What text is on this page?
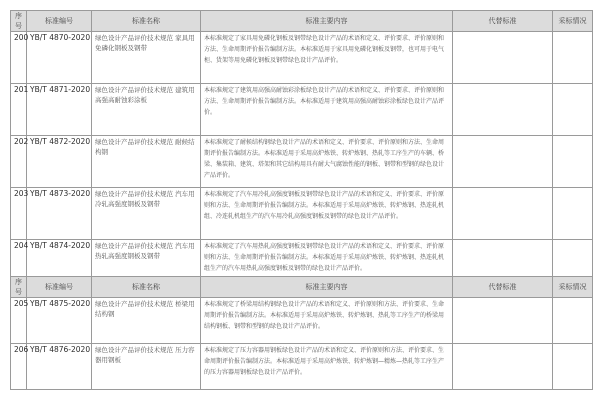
序号	标准编号	标准名称	标准主要内容	代替标准	采标情况
200	YB/T 4870-2020	绿色设计产品评价技术规范 家具用免磷化钢板及钢带	本标准规定了家具用免磷化钢板及钢带绿色设计产品的术语和定义、评价要求、评价原则和方法、生命周期评价报告编制方法。本标准适用于家具用免磷化钢板及钢带，也可用于电气柜、货架等用免磷化钢板及钢带绿色设计产品评价。		
201	YB/T 4871-2020	绿色设计产品评价技术规范 建筑用高强高耐蚀彩涂板	本标准规定了建筑用高强高耐蚀彩涂板绿色设计产品的术语和定义、评价要求、评价原则和方法、生命周期评价报告编制方法。本标准适用于建筑用高强高耐蚀彩涂板绿色设计产品评价。		
202	YB/T 4872-2020	绿色设计产品评价技术规范 耐候结构钢	本标准规定了耐候结构钢绿色设计产品的术语和定义、评价要求、评价原则和方法、生命周期评价报告编制方法。本标准适用于采用高炉炼铁、转炉炼钢、热轧等工序生产的车辆、桥梁、集装箱、建筑、塔架和其它结构用具有耐大气腐蚀性能的钢板、钢带和型钢的绿色设计产品评价。		
203	YB/T 4873-2020	绿色设计产品评价技术规范 汽车用冷轧高强度钢板及钢带	本标准规定了汽车用冷轧高强度钢板及钢带绿色设计产品的术语和定义、评价要求、评价原则和方法、生命周期评价报告编制方法。本标准适用于采用高炉炼铁、转炉炼钢、热连轧机组、冷连轧机组生产的汽车用冷轧高强度钢板及钢带的绿色设计产品评价。		
204	YB/T 4874-2020	绿色设计产品评价技术规范 汽车用热轧高强度钢板及钢带	本标准规定了汽车用热轧高强度钢板及钢带绿色设计产品的术语和定义、评价要求、评价原则和方法、生命周期评价报告编制方法。本标准适用于采用高炉炼铁、转炉炼钢、热连轧机组生产的汽车用热轧高强度钢板及钢带的绿色设计产品评价。		
序号	标准编号	标准名称	标准主要内容	代替标准	采标情况
205	YB/T 4875-2020	绿色设计产品评价技术规范 桥梁用结构钢	本标准规定了桥梁用结构钢绿色设计产品的术语和定义、评价原则和方法、评价要求、生命周期评价报告编制方法。本标准适用于采用高炉炼铁、转炉炼钢、热轧等工序生产的桥梁用结构钢板、钢带和型钢的绿色设计产品评价。		
206	YB/T 4876-2020	绿色设计产品评价技术规范 压力容器用钢板	本标准规定了压力容器用钢板绿色设计产品的术语和定义、评价原则和方法、评价要求、生命周期评价报告编制方法。本标准适用于采用高炉炼铁、转炉炼钢—精炼—热轧等工序生产的压力容器用钢板绿色设计产品评价。		
